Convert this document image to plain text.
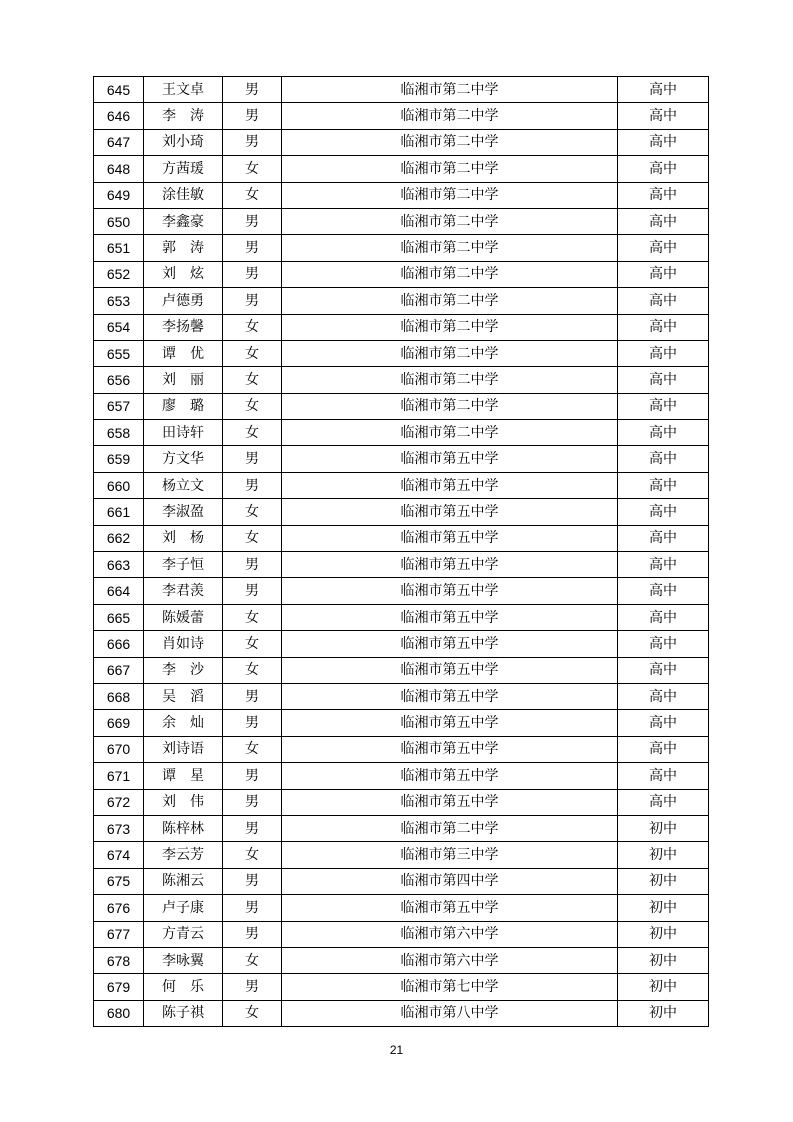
645	王文卓	男	临湘市第二中学	高中
646	李　涛	男	临湘市第二中学	高中
647	刘小琦	男	临湘市第二中学	高中
648	方茜瑗	女	临湘市第二中学	高中
649	涂佳敏	女	临湘市第二中学	高中
650	李鑫豪	男	临湘市第二中学	高中
651	郭　涛	男	临湘市第二中学	高中
652	刘　炫	男	临湘市第二中学	高中
653	卢德勇	男	临湘市第二中学	高中
654	李扬馨	女	临湘市第二中学	高中
655	谭　优	女	临湘市第二中学	高中
656	刘　丽	女	临湘市第二中学	高中
657	廖　璐	女	临湘市第二中学	高中
658	田诗轩	女	临湘市第二中学	高中
659	方文华	男	临湘市第五中学	高中
660	杨立文	男	临湘市第五中学	高中
661	李淑盈	女	临湘市第五中学	高中
662	刘　杨	女	临湘市第五中学	高中
663	李子恒	男	临湘市第五中学	高中
664	李君羡	男	临湘市第五中学	高中
665	陈媛蕾	女	临湘市第五中学	高中
666	肖如诗	女	临湘市第五中学	高中
667	李　沙	女	临湘市第五中学	高中
668	吴　滔	男	临湘市第五中学	高中
669	余　灿	男	临湘市第五中学	高中
670	刘诗语	女	临湘市第五中学	高中
671	谭　星	男	临湘市第五中学	高中
672	刘　伟	男	临湘市第五中学	高中
673	陈梓林	男	临湘市第二中学	初中
674	李云芳	女	临湘市第三中学	初中
675	陈湘云	男	临湘市第四中学	初中
676	卢子康	男	临湘市第五中学	初中
677	方青云	男	临湘市第六中学	初中
678	李咏翼	女	临湘市第六中学	初中
679	何　乐	男	临湘市第七中学	初中
680	陈子祺	女	临湘市第八中学	初中
21
